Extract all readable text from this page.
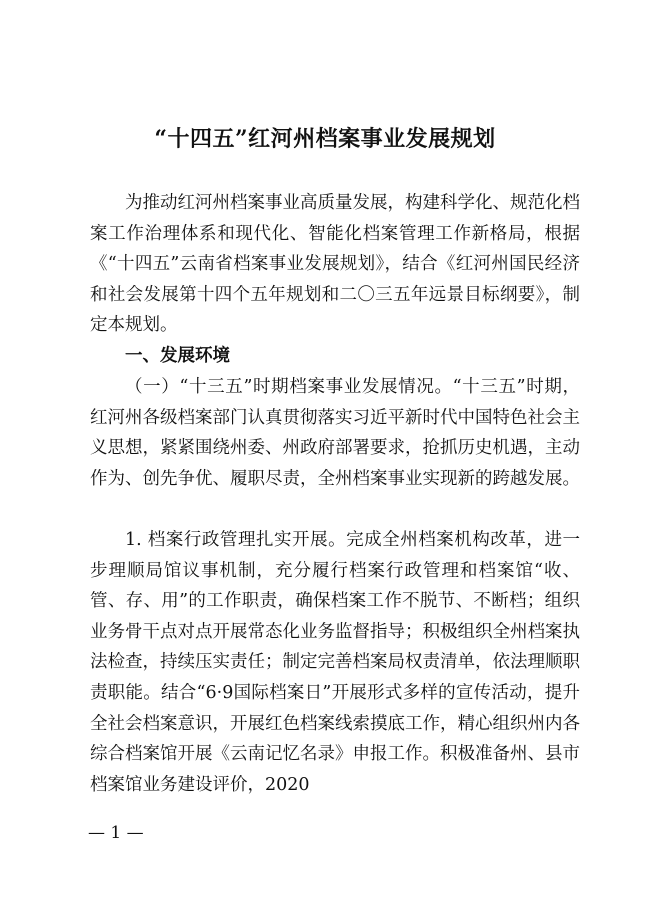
“十四五”红河州档案事业发展规划

为推动红河州档案事业高质量发展，构建科学化、规范化档案工作治理体系和现代化、智能化档案管理工作新格局，根据《“十四五”云南省档案事业发展规划》，结合《红河州国民经济和社会发展第十四个五年规划和二〇三五年远景目标纲要》，制定本规划。

一、发展环境

（一）“十三五”时期档案事业发展情况。“十三五”时期，红河州各级档案部门认真贯彻落实习近平新时代中国特色社会主义思想，紧紧围绕州委、州政府部署要求，抢抓历史机遇，主动作为、创先争优、履职尽责，全州档案事业实现新的跨越发展。

1. 档案行政管理扎实开展。完成全州档案机构改革，进一步理顺局馆议事机制，充分履行档案行政管理和档案馆“收、管、存、用”的工作职责，确保档案工作不脱节、不断档；组织业务骨干点对点开展常态化业务监督指导；积极组织全州档案执法检查，持续压实责任；制定完善档案局权责清单，依法理顺职责职能。结合“6·9国际档案日”开展形式多样的宣传活动，提升全社会档案意识，开展红色档案线索摸底工作，精心组织州内各综合档案馆开展《云南记忆名录》申报工作。积极准备州、县市档案馆业务建设评价，2020

— 1 —
